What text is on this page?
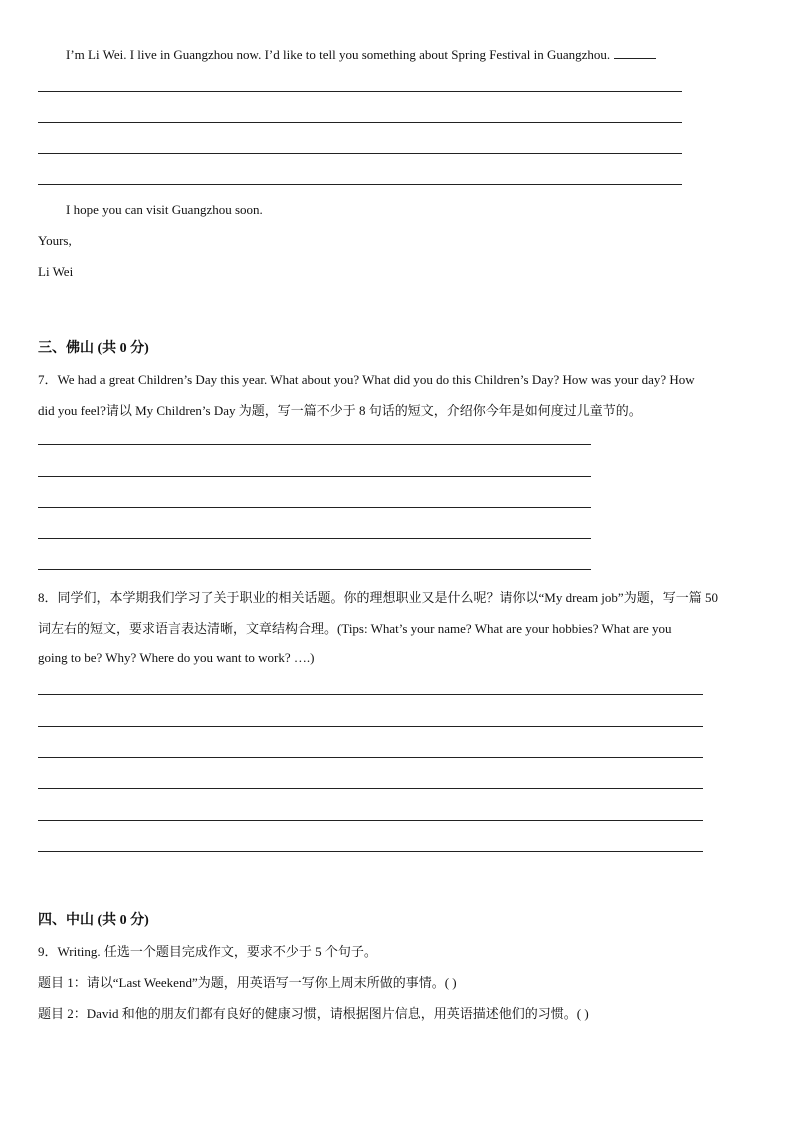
I’m Li Wei. I live in Guangzhou now. I’d like to tell you something about Spring Festival in Guangzhou.
I hope you can visit Guangzhou soon.
Yours,
Li Wei
三、佛山 (共 0 分)
7．We had a great Children’s Day this year. What about you? What did you do this Children’s Day? How was your day? How
did you feel?请以 My Children’s Day 为题，写一篇不少于 8 句话的短文，介绍你今年是如何度过儿童节的。
8．同学们，本学期我们学习了关于职业的相关话题。你的理想职业又是什么呢？请你以“My dream job”为题，写一篇 50
词左右的短文，要求语言表达清晰，文章结构合理。(Tips: What’s your name? What are your hobbies? What are you
going to be? Why? Where do you want to work? ….)
四、中山 (共 0 分)
9．Writing. 任选一个题目完成作文，要求不少于 5 个句子。
题目 1：请以“Last Weekend”为题，用英语写一写你上周末所做的事情。( )
题目 2：David 和他的朋友们都有良好的健康习惯，请根据图片信息，用英语描述他们的习惯。( )
